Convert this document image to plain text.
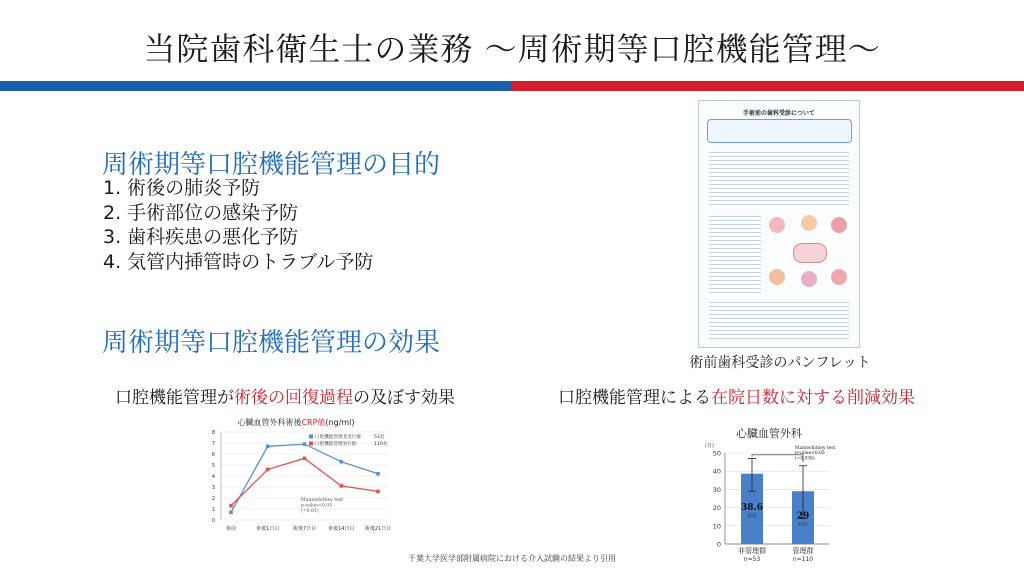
当院歯科衛生士の業務 ～周術期等口腔機能管理～
周術期等口腔機能管理の目的
1. 術後の肺炎予防
2. 手術部位の感染予防
3. 歯科疾患の悪化予防
4. 気管内挿管時のトラブル予防
周術期等口腔機能管理の効果
口腔機能管理が術後の回復過程の及ぼす効果	口腔機能管理による在院日数に対する削減効果
手術前の歯科受診について
術前歯科受診のパンフレット
心臓血管外科術後CRP値(ng/ml)
0
1
2
3
4
5
6
7
8
術前	術後1日目	術後7日目 術後14日目 術後21日目
口腔機能管理非実行群	53名
口腔機能管理実行群	110名
Mannwhitney test
p-value<0.05
(=0.01)
心臓血管外科
(日)
0
10
20
30
40
50
38.6
(日)
非管理群
n=53
29
(日)
管理群
n=110
Mannwhitney test
p-value<0.05
(=0.038)
千葉大学医学部附属病院における介入試験の結果より引用
